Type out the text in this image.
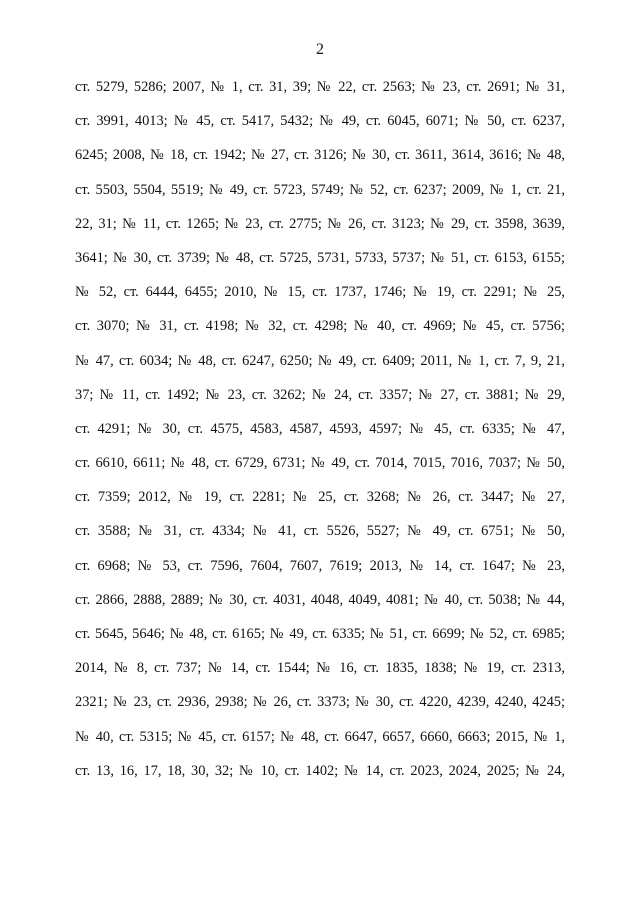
2
ст. 5279, 5286; 2007, № 1, ст. 31, 39; № 22, ст. 2563; № 23, ст. 2691; № 31,
ст. 3991, 4013; № 45, ст. 5417, 5432; № 49, ст. 6045, 6071; № 50, ст. 6237,
6245; 2008, № 18, ст. 1942; № 27, ст. 3126; № 30, ст. 3611, 3614, 3616; № 48,
ст. 5503, 5504, 5519; № 49, ст. 5723, 5749; № 52, ст. 6237; 2009, № 1, ст. 21,
22, 31; № 11, ст. 1265; № 23, ст. 2775; № 26, ст. 3123; № 29, ст. 3598, 3639,
3641; № 30, ст. 3739; № 48, ст. 5725, 5731, 5733, 5737; № 51, ст. 6153, 6155;
№ 52, ст. 6444, 6455; 2010, № 15, ст. 1737, 1746; № 19, ст. 2291; № 25,
ст. 3070; № 31, ст. 4198; № 32, ст. 4298; № 40, ст. 4969; № 45, ст. 5756;
№ 47, ст. 6034; № 48, ст. 6247, 6250; № 49, ст. 6409; 2011, № 1, ст. 7, 9, 21,
37; № 11, ст. 1492; № 23, ст. 3262; № 24, ст. 3357; № 27, ст. 3881; № 29,
ст. 4291; № 30, ст. 4575, 4583, 4587, 4593, 4597; № 45, ст. 6335; № 47,
ст. 6610, 6611; № 48, ст. 6729, 6731; № 49, ст. 7014, 7015, 7016, 7037; № 50,
ст. 7359; 2012, № 19, ст. 2281; № 25, ст. 3268; № 26, ст. 3447; № 27,
ст. 3588; № 31, ст. 4334; № 41, ст. 5526, 5527; № 49, ст. 6751; № 50,
ст. 6968; № 53, ст. 7596, 7604, 7607, 7619; 2013, № 14, ст. 1647; № 23,
ст. 2866, 2888, 2889; № 30, ст. 4031, 4048, 4049, 4081; № 40, ст. 5038; № 44,
ст. 5645, 5646; № 48, ст. 6165; № 49, ст. 6335; № 51, ст. 6699; № 52, ст. 6985;
2014, № 8, ст. 737; № 14, ст. 1544; № 16, ст. 1835, 1838; № 19, ст. 2313,
2321; № 23, ст. 2936, 2938; № 26, ст. 3373; № 30, ст. 4220, 4239, 4240, 4245;
№ 40, ст. 5315; № 45, ст. 6157; № 48, ст. 6647, 6657, 6660, 6663; 2015, № 1,
ст. 13, 16, 17, 18, 30, 32; № 10, ст. 1402; № 14, ст. 2023, 2024, 2025; № 24,
